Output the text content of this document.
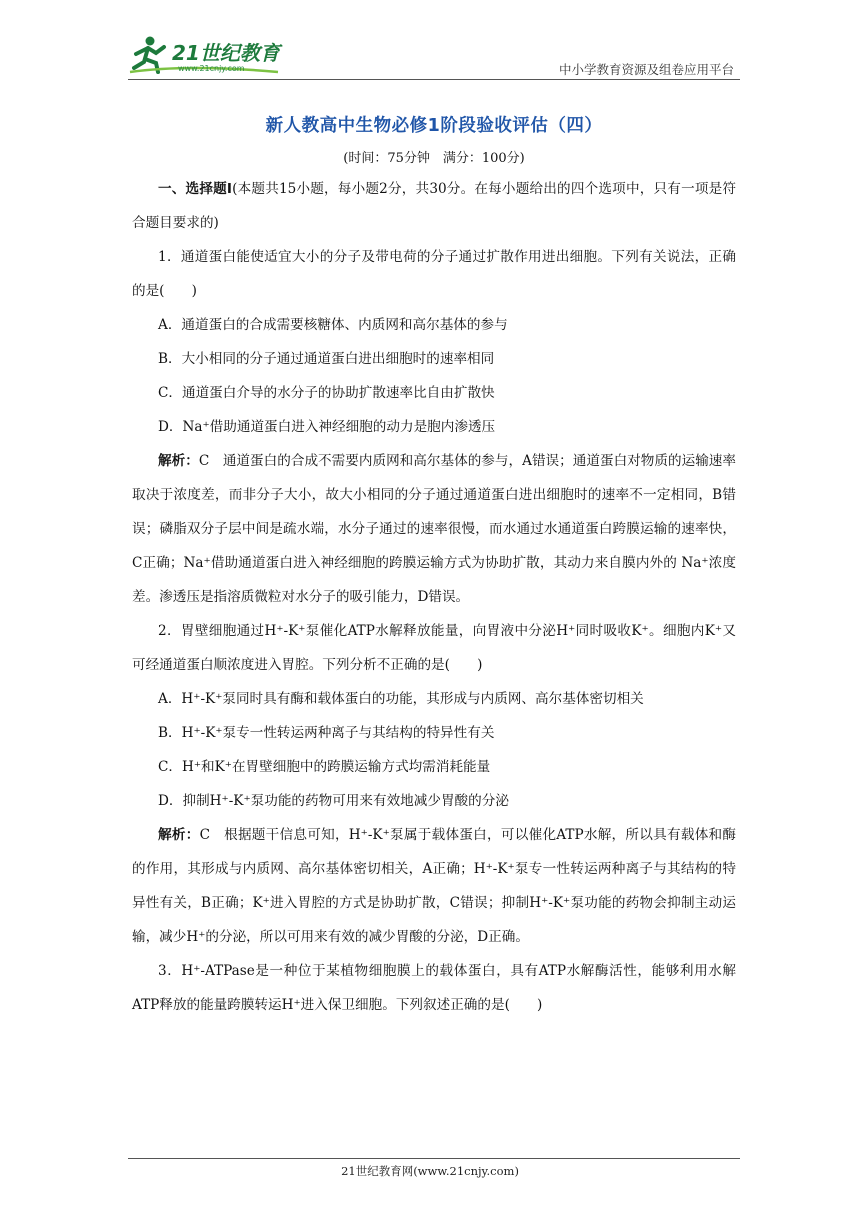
21世纪教育
www.21cnjy.com	中小学教育资源及组卷应用平台
新人教高中生物必修1阶段验收评估（四）
(时间：75分钟　满分：100分)

一、选择题Ⅰ(本题共15小题，每小题2分，共30分。在每小题给出的四个选项中，只有一项是符合题目要求的)

1．通道蛋白能使适宜大小的分子及带电荷的分子通过扩散作用进出细胞。下列有关说法，正确的是(　　)

A．通道蛋白的合成需要核糖体、内质网和高尔基体的参与

B．大小相同的分子通过通道蛋白进出细胞时的速率相同

C．通道蛋白介导的水分子的协助扩散速率比自由扩散快

D．Na⁺借助通道蛋白进入神经细胞的动力是胞内渗透压

解析：C　通道蛋白的合成不需要内质网和高尔基体的参与，A错误；通道蛋白对物质的运输速率取决于浓度差，而非分子大小，故大小相同的分子通过通道蛋白进出细胞时的速率不一定相同，B错误；磷脂双分子层中间是疏水端，水分子通过的速率很慢，而水通过水通道蛋白跨膜运输的速率快，C正确；Na⁺借助通道蛋白进入神经细胞的跨膜运输方式为协助扩散，其动力来自膜内外的 Na⁺浓度差。渗透压是指溶质微粒对水分子的吸引能力，D错误。

2．胃壁细胞通过H⁺-K⁺泵催化ATP水解释放能量，向胃液中分泌H⁺同时吸收K⁺。细胞内K⁺又可经通道蛋白顺浓度进入胃腔。下列分析不正确的是(　　)

A．H⁺-K⁺泵同时具有酶和载体蛋白的功能，其形成与内质网、高尔基体密切相关

B．H⁺-K⁺泵专一性转运两种离子与其结构的特异性有关

C．H⁺和K⁺在胃壁细胞中的跨膜运输方式均需消耗能量

D．抑制H⁺-K⁺泵功能的药物可用来有效地减少胃酸的分泌

解析：C　根据题干信息可知，H⁺-K⁺泵属于载体蛋白，可以催化ATP水解，所以具有载体和酶的作用，其形成与内质网、高尔基体密切相关，A正确；H⁺-K⁺泵专一性转运两种离子与其结构的特异性有关，B正确；K⁺进入胃腔的方式是协助扩散，C错误；抑制H⁺-K⁺泵功能的药物会抑制主动运输，减少H⁺的分泌，所以可用来有效的减少胃酸的分泌，D正确。

3．H⁺-ATPase是一种位于某植物细胞膜上的载体蛋白，具有ATP水解酶活性，能够利用水解ATP释放的能量跨膜转运H⁺进入保卫细胞。下列叙述正确的是(　　)

21世纪教育网(www.21cnjy.com)
